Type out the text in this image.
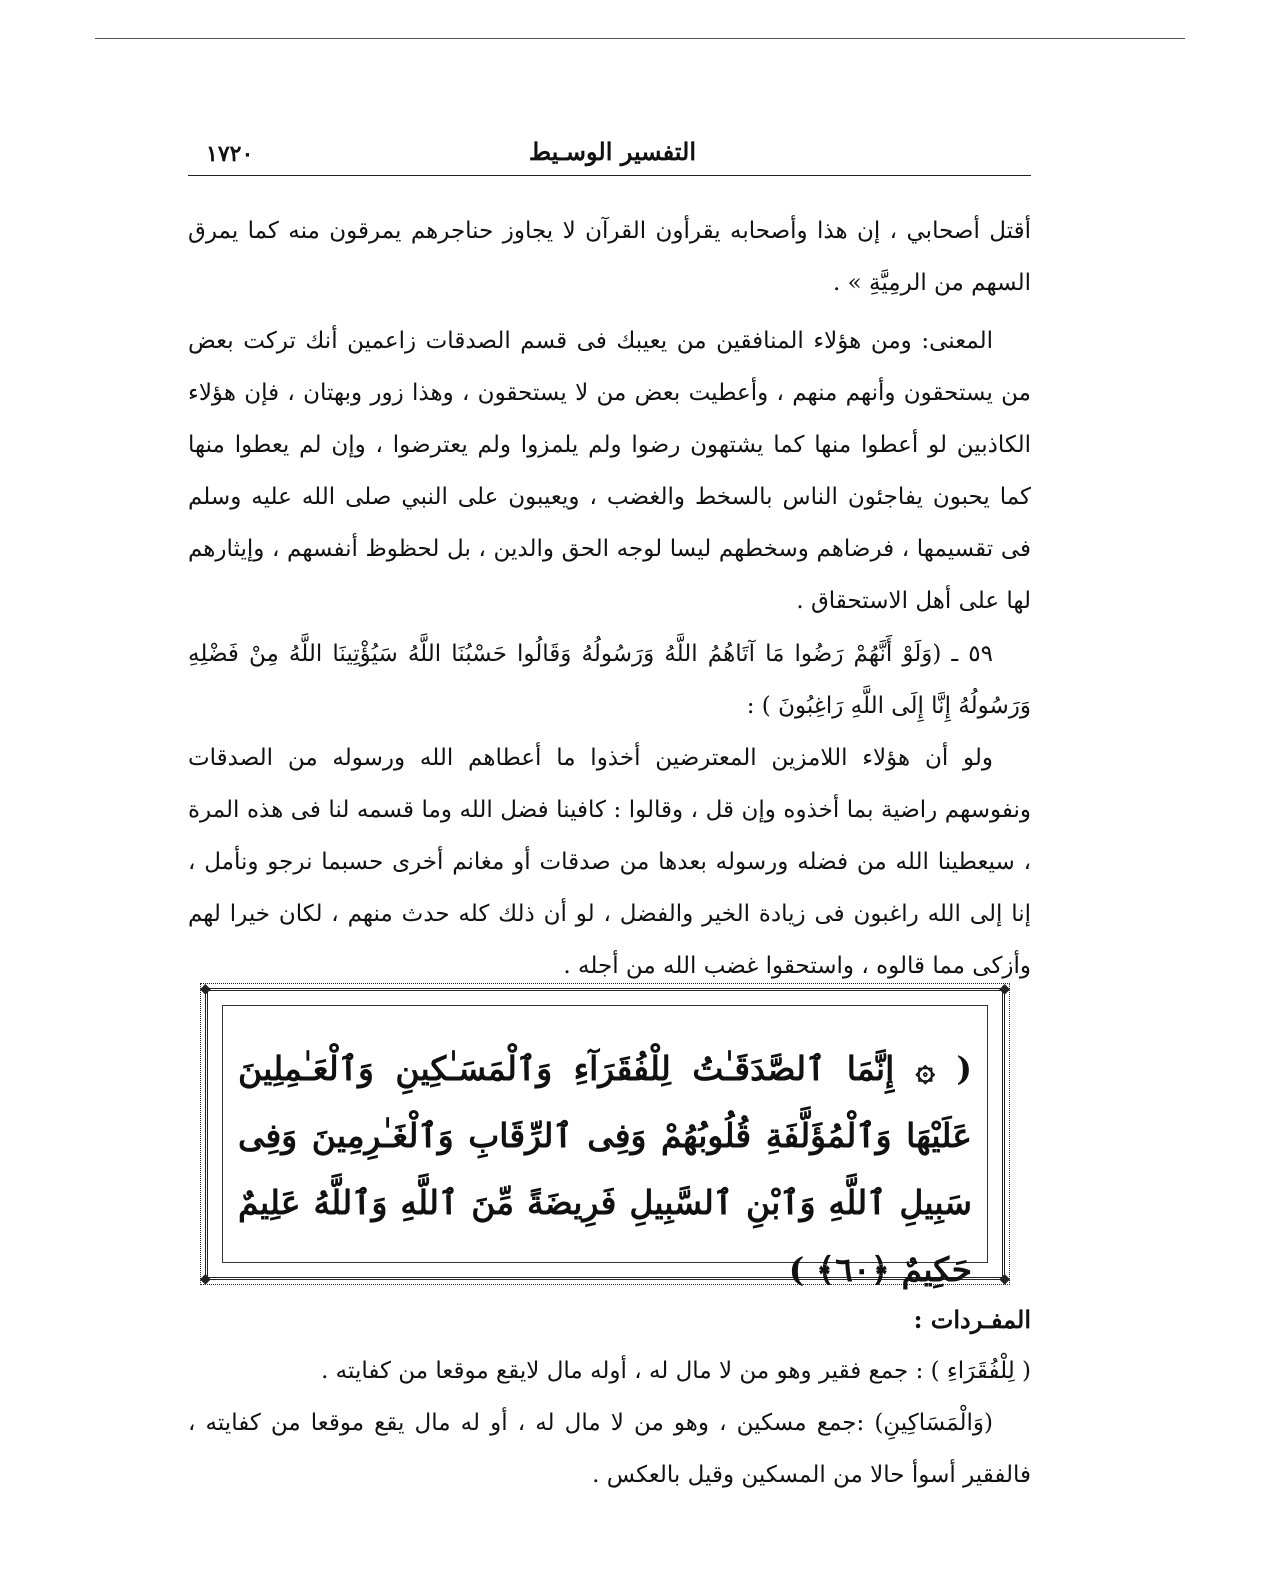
التفسير الوسـيط
١٧٢٠

أقتل أصحابي ، إن هذا وأصحابه يقرأون القرآن لا يجاوز حناجرهم يمرقون منه كما يمرق السهم من الرمِيَّةِ » .

المعنى: ومن هؤلاء المنافقين من يعيبك فى قسم الصدقات زاعمين أنك تركت بعض من يستحقون وأنهم منهم ، وأعطيت بعض من لا يستحقون ، وهذا زور وبهتان ، فإن هؤلاء الكاذبين لو أعطوا منها كما يشتهون رضوا ولم يلمزوا ولم يعترضوا ، وإن لم يعطوا منها كما يحبون يفاجئون الناس بالسخط والغضب ، ويعيبون على النبي صلى الله عليه وسلم فى تقسيمها ، فرضاهم وسخطهم ليسا لوجه الحق والدين ، بل لحظوظ أنفسهم ، وإيثارهم لها على أهل الاستحقاق .

٥٩ ـ (وَلَوْ أَنَّهُمْ رَضُوا مَا آتَاهُمُ اللَّهُ وَرَسُولُهُ وَقَالُوا حَسْبُنَا اللَّهُ سَيُؤْتِينَا اللَّهُ مِنْ فَضْلِهِ وَرَسُولُهُ إِنَّا إِلَى اللَّهِ رَاغِبُونَ ) :

ولو أن هؤلاء اللامزين المعترضين أخذوا ما أعطاهم الله ورسوله من الصدقات ونفوسهم راضية بما أخذوه وإن قل ، وقالوا : كافينا فضل الله وما قسمه لنا فى هذه المرة ، سيعطينا الله من فضله ورسوله بعدها من صدقات أو مغانم أخرى حسبما نرجو ونأمل ، إنا إلى الله راغبون فى زيادة الخير والفضل ، لو أن ذلك كله حدث منهم ، لكان خيرا لهم وأزكى مما قالوه ، واستحقوا غضب الله من أجله .

◆	◆
◆	◆
( ۞ إِنَّمَا ٱلصَّدَقَـٰتُ لِلْفُقَرَآءِ وَٱلْمَسَـٰكِينِ وَٱلْعَـٰمِلِينَ عَلَيْهَا وَٱلْمُؤَلَّفَةِ قُلُوبُهُمْ وَفِى ٱلرِّقَابِ وَٱلْغَـٰرِمِينَ وَفِى سَبِيلِ ٱللَّهِ وَٱبْنِ ٱلسَّبِيلِ فَرِيضَةً مِّنَ ٱللَّهِ وَٱللَّهُ عَلِيمٌ حَكِيمٌ ﴿٦٠﴾ )
المفـردات :

( لِلْفُقَرَاءِ ) : جمع فقير وهو من لا مال له ، أوله مال لايقع موقعا من كفايته .

(وَالْمَسَاكِينِ) :جمع مسكين ، وهو من لا مال له ، أو له مال يقع موقعا من كفايته ، فالفقير أسوأ حالا من المسكين وقيل بالعكس .
